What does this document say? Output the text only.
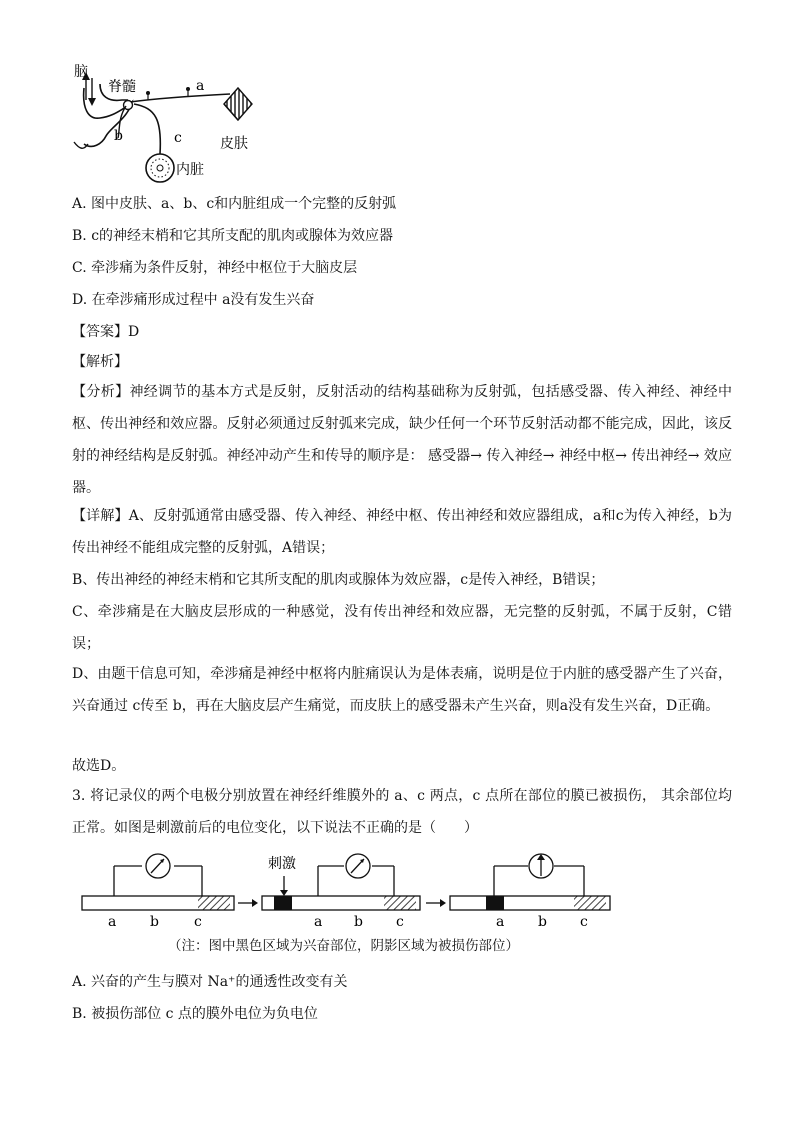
脑
脊髓	a
b	c	皮肤
内脏
A. 图中皮肤、a、b、c和内脏组成一个完整的反射弧
B. c的神经末梢和它其所支配的肌肉或腺体为效应器
C. 牵涉痛为条件反射，神经中枢位于大脑皮层
D. 在牵涉痛形成过程中 a没有发生兴奋
【答案】D
【解析】
【分析】神经调节的基本方式是反射，反射活动的结构基础称为反射弧，包括感受器、传入神经、神经中枢、传出神经和效应器。反射必须通过反射弧来完成，缺少任何一个环节反射活动都不能完成，因此，该反射的神经结构是反射弧。神经冲动产生和传导的顺序是： 感受器→ 传入神经→ 神经中枢→ 传出神经→ 效应器。
【详解】A、反射弧通常由感受器、传入神经、神经中枢、传出神经和效应器组成，a和c为传入神经，b为传出神经不能组成完整的反射弧，A错误；
B、传出神经的神经末梢和它其所支配的肌肉或腺体为效应器，c是传入神经，B错误；
C、牵涉痛是在大脑皮层形成的一种感觉，没有传出神经和效应器，无完整的反射弧，不属于反射，C错误；
D、由题干信息可知，牵涉痛是神经中枢将内脏痛误认为是体表痛，说明是位于内脏的感受器产生了兴奋，兴奋通过 c传至 b，再在大脑皮层产生痛觉，而皮肤上的感受器未产生兴奋，则a没有发生兴奋，D正确。
故选D。
3. 将记录仪的两个电极分别放置在神经纤维膜外的 a、c 两点，c 点所在部位的膜已被损伤， 其余部位均正常。如图是刺激前后的电位变化，以下说法不正确的是（　　）
a b	c
刺激
a b c	a b c
（注：图中黑色区域为兴奋部位，阴影区域为被损伤部位）
A. 兴奋的产生与膜对 Na⁺的通透性改变有关
B. 被损伤部位 c 点的膜外电位为负电位
